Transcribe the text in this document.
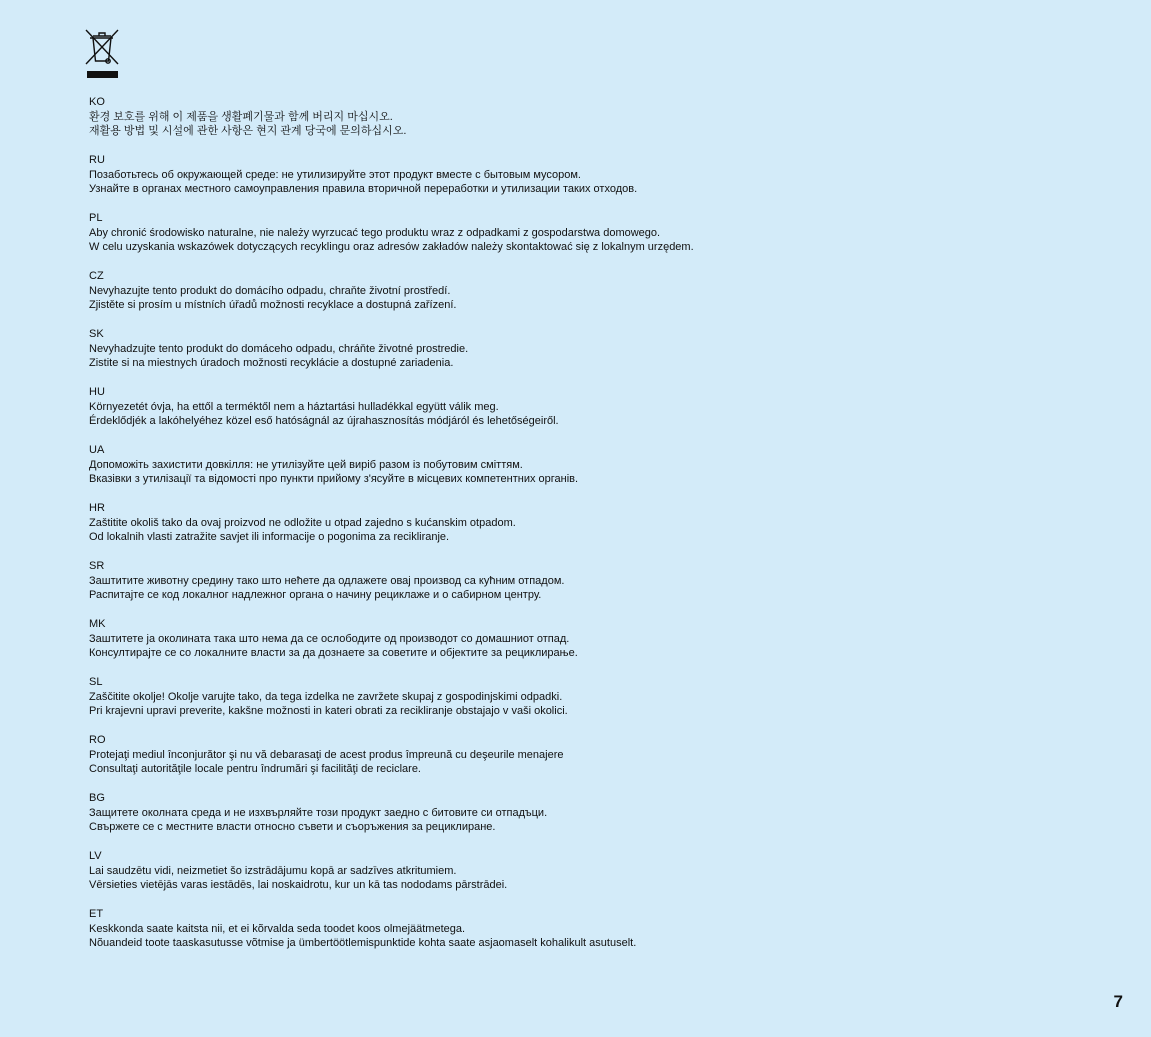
KO

환경 보호를 위해 이 제품을 생활폐기물과 함께 버리지 마십시오.

재활용 방법 및 시설에 관한 사항은 현지 관계 당국에 문의하십시오.

RU

Позаботьтесь об окружающей среде: не утилизируйте этот продукт вместе с бытовым мусором.

Узнайте в органах местного самоуправления правила вторичной переработки и утилизации таких отходов.

PL

Aby chronić środowisko naturalne, nie należy wyrzucać tego produktu wraz z odpadkami z gospodarstwa domowego.

W celu uzyskania wskazówek dotyczących recyklingu oraz adresów zakładów należy skontaktować się z lokalnym urzędem.

CZ

Nevyhazujte tento produkt do domácího odpadu, chraňte životní prostředí.

Zjistěte si prosím u místních úřadů možnosti recyklace a dostupná zařízení.

SK

Nevyhadzujte tento produkt do domáceho odpadu, chráňte životné prostredie.

Zistite si na miestnych úradoch možnosti recyklácie a dostupné zariadenia.

HU

Környezetét óvja, ha ettől a terméktől nem a háztartási hulladékkal együtt válik meg.

Érdeklődjék a lakóhelyéhez közel eső hatóságnál az újrahasznosítás módjáról és lehetőségeiről.

UA

Допоможіть захистити довкілля: не утилізуйте цей виріб разом із побутовим сміттям.

Вказівки з утилізації та відомості про пункти прийому з'ясуйте в місцевих компетентних органів.

HR

Zaštitite okoliš tako da ovaj proizvod ne odložite u otpad zajedno s kućanskim otpadom.

Od lokalnih vlasti zatražite savjet ili informacije o pogonima za recikliranje.

SR

Заштитите животну средину тако што нећете да одлажете овај производ са кућним отпадом.

Распитајте се код локалног надлежног органа о начину рециклаже и о сабирном центру.

MK

Заштитете ја околината така што нема да се ослободите од производот со домашниот отпад.

Консултирајте се со локалните власти за да дознаете за советите и објектите за рециклирање.

SL

Zaščitite okolje! Okolje varujte tako, da tega izdelka ne zavržete skupaj z gospodinjskimi odpadki.

Pri krajevni upravi preverite, kakšne možnosti in kateri obrati za recikliranje obstajajo v vaši okolici.

RO

Protejaţi mediul înconjurător şi nu vă debarasaţi de acest produs împreună cu deşeurile menajere

Consultaţi autorităţile locale pentru îndrumări şi facilităţi de reciclare.

BG

Защитете околната среда и не изхвърляйте този продукт заедно с битовите си отпадъци.

Свържете се с местните власти относно съвети и съоръжения за рециклиране.

LV

Lai saudzētu vidi, neizmetiet šo izstrādājumu kopā ar sadzīves atkritumiem.

Vērsieties vietējās varas iestādēs, lai noskaidrotu, kur un kā tas nododams pārstrādei.

ET

Keskkonda saate kaitsta nii, et ei kõrvalda seda toodet koos olmejäätmetega.

Nõuandeid toote taaskasutusse võtmise ja ümbertöötlemispunktide kohta saate asjaomaselt kohalikult asutuselt.

7
